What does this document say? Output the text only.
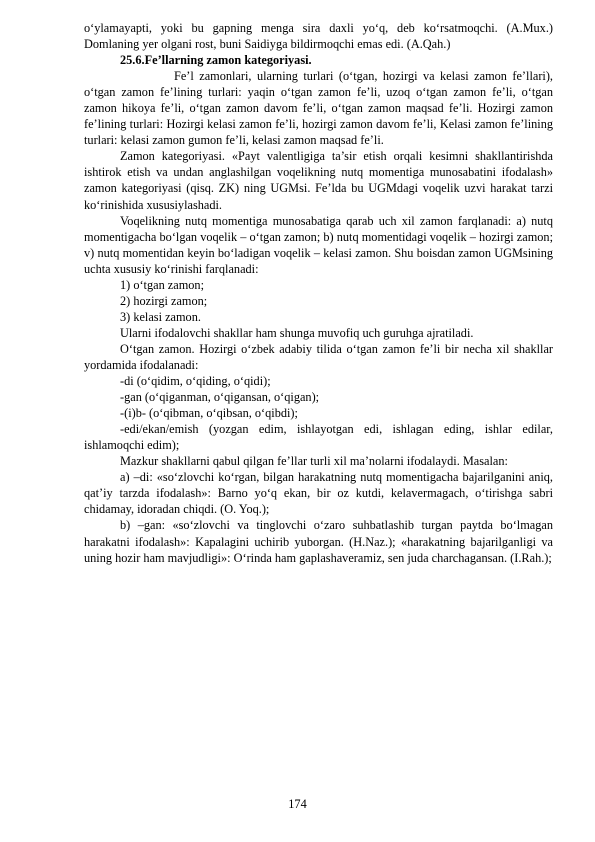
o‘ylamayapti, yoki bu gapning menga sira daxli yo‘q, deb ko‘rsatmoqchi. (A.Mux.) Domlaning yer olgani rost, buni Saidiyga bildirmoqchi emas edi. (A.Qah.)

25.6.Fe’llarning zamon kategoriyasi.

Fe’l zamonlari, ularning turlari (o‘tgan, hozirgi va kelasi zamon fe’llari), o‘tgan zamon fe’lining turlari: yaqin o‘tgan zamon fe’li, uzoq o‘tgan zamon fe’li, o‘tgan zamon hikoya fe’li, o‘tgan zamon davom fe’li, o‘tgan zamon maqsad fe’li. Hozirgi zamon fe’lining turlari: Hozirgi kelasi zamon fe’li, hozirgi zamon davom fe’li, Kelasi zamon fe’lining turlari: kelasi zamon gumon fe’li, kelasi zamon maqsad fe’li.

Zamon kategoriyasi. «Payt valentligiga ta’sir etish orqali kesimni shakllantirishda ishtirok etish va undan anglashilgan voqelikning nutq momentiga munosabatini ifodalash» zamon kategoriyasi (qisq. ZK) ning UGMsi. Fe’lda bu UGMdagi voqelik uzvi harakat tarzi ko‘rinishida xususiylashadi.

Voqelikning nutq momentiga munosabatiga qarab uch xil zamon farqlanadi: a) nutq momentigacha bo‘lgan voqelik – o‘tgan zamon; b) nutq momentidagi voqelik – hozirgi zamon; v) nutq momentidan keyin bo‘ladigan voqelik – kelasi zamon. Shu boisdan zamon UGMsining uchta xususiy ko‘rinishi farqlanadi:

1) o‘tgan zamon;

2) hozirgi zamon;

3) kelasi zamon.

Ularni ifodalovchi shakllar ham shunga muvofiq uch guruhga ajratiladi.

O‘tgan zamon. Hozirgi o‘zbek adabiy tilida o‘tgan zamon fe’li bir necha xil shakllar yordamida ifodalanadi:

-di (o‘qidim, o‘qiding, o‘qidi);

-gan (o‘qiganman, o‘qigansan, o‘qigan);

-(i)b- (o‘qibman, o‘qibsan, o‘qibdi);

-edi/ekan/emish (yozgan edim, ishlayotgan edi, ishlagan eding, ishlar edilar, ishlamoqchi edim);

Mazkur shakllarni qabul qilgan fe’llar turli xil ma’nolarni ifodalaydi. Masalan:

a) –di: «so‘zlovchi ko‘rgan, bilgan harakatning nutq momentigacha bajarilganini aniq, qat’iy tarzda ifodalash»: Barno yo‘q ekan, bir oz kutdi, kelavermagach, o‘tirishga sabri chidamay, idoradan chiqdi. (O. Yoq.);

b) –gan: «so‘zlovchi va tinglovchi o‘zaro suhbatlashib turgan paytda bo‘lmagan harakatni ifodalash»: Kapalagini uchirib yuborgan. (H.Naz.); «harakatning bajarilganligi va uning hozir ham mavjudligi»: O‘rinda ham gaplashaveramiz, sen juda charchagansan. (I.Rah.);

174
